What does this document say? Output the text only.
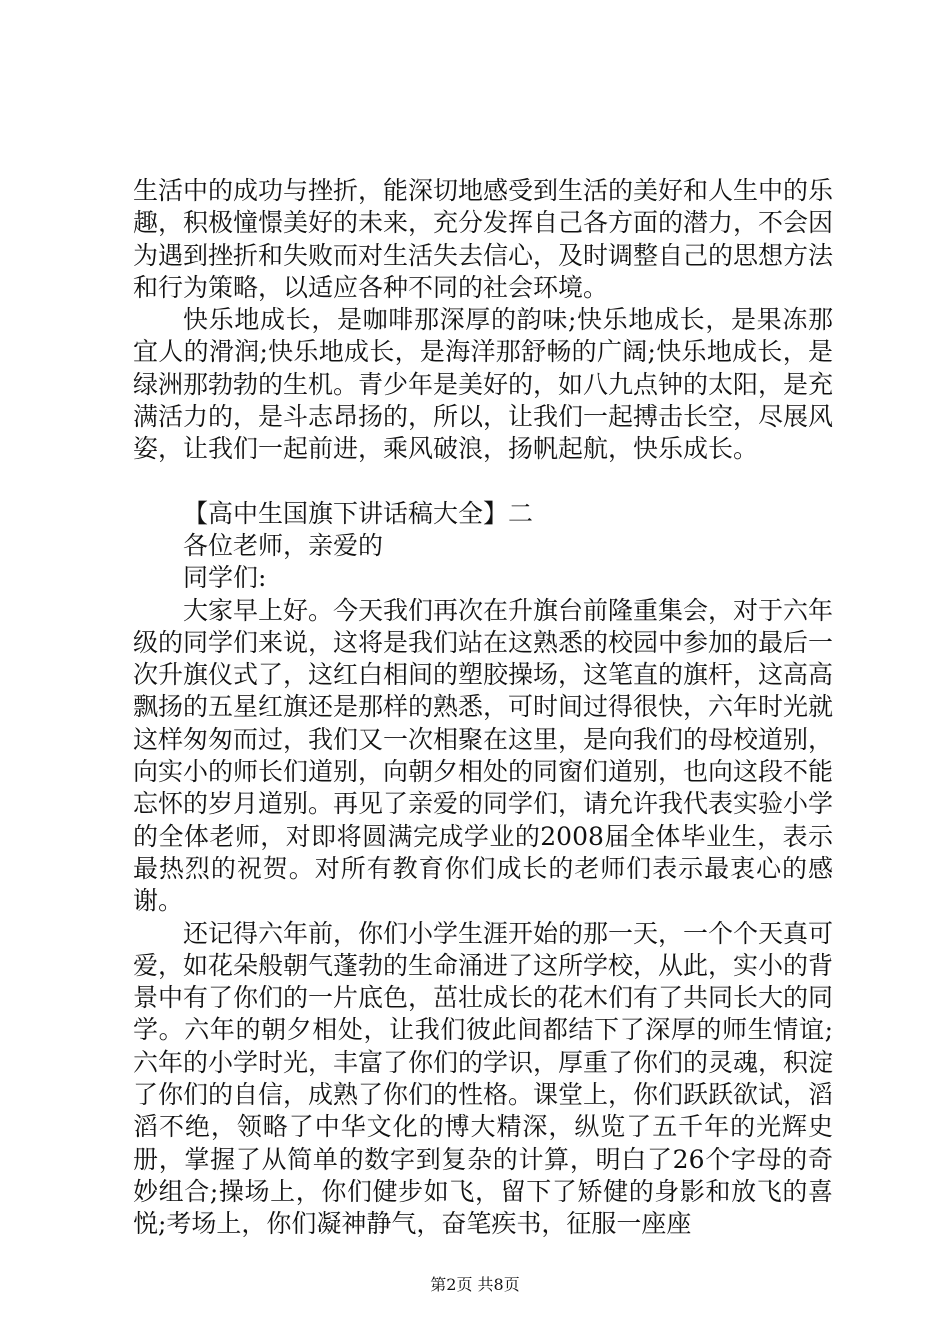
生活中的成功与挫折，能深切地感受到生活的美好和人生中的乐趣，积极憧憬美好的未来，充分发挥自己各方面的潜力，不会因为遇到挫折和失败而对生活失去信心，及时调整自己的思想方法和行为策略，以适应各种不同的社会环境。

快乐地成长，是咖啡那深厚的韵味;快乐地成长，是果冻那宜人的滑润;快乐地成长，是海洋那舒畅的广阔;快乐地成长，是绿洲那勃勃的生机。青少年是美好的，如八九点钟的太阳，是充满活力的，是斗志昂扬的，所以，让我们一起搏击长空，尽展风姿，让我们一起前进，乘风破浪，扬帆起航，快乐成长。

【高中生国旗下讲话稿大全】二

各位老师，亲爱的

同学们:

大家早上好。今天我们再次在升旗台前隆重集会，对于六年级的同学们来说，这将是我们站在这熟悉的校园中参加的最后一次升旗仪式了，这红白相间的塑胶操场，这笔直的旗杆，这高高飘扬的五星红旗还是那样的熟悉，可时间过得很快，六年时光就这样匆匆而过，我们又一次相聚在这里，是向我们的母校道别，向实小的师长们道别，向朝夕相处的同窗们道别，也向这段不能忘怀的岁月道别。再见了亲爱的同学们，请允许我代表实验小学的全体老师，对即将圆满完成学业的2008届全体毕业生，表示最热烈的祝贺。对所有教育你们成长的老师们表示最衷心的感谢。

还记得六年前，你们小学生涯开始的那一天，一个个天真可爱，如花朵般朝气蓬勃的生命涌进了这所学校，从此，实小的背景中有了你们的一片底色，茁壮成长的花木们有了共同长大的同学。六年的朝夕相处，让我们彼此间都结下了深厚的师生情谊;六年的小学时光，丰富了你们的学识，厚重了你们的灵魂，积淀了你们的自信，成熟了你们的性格。课堂上，你们跃跃欲试，滔滔不绝，领略了中华文化的博大精深，纵览了五千年的光辉史册，掌握了从简单的数字到复杂的计算，明白了26个字母的奇妙组合;操场上，你们健步如飞，留下了矫健的身影和放飞的喜悦;考场上，你们凝神静气，奋笔疾书，征服一座座

第2页 共8页
